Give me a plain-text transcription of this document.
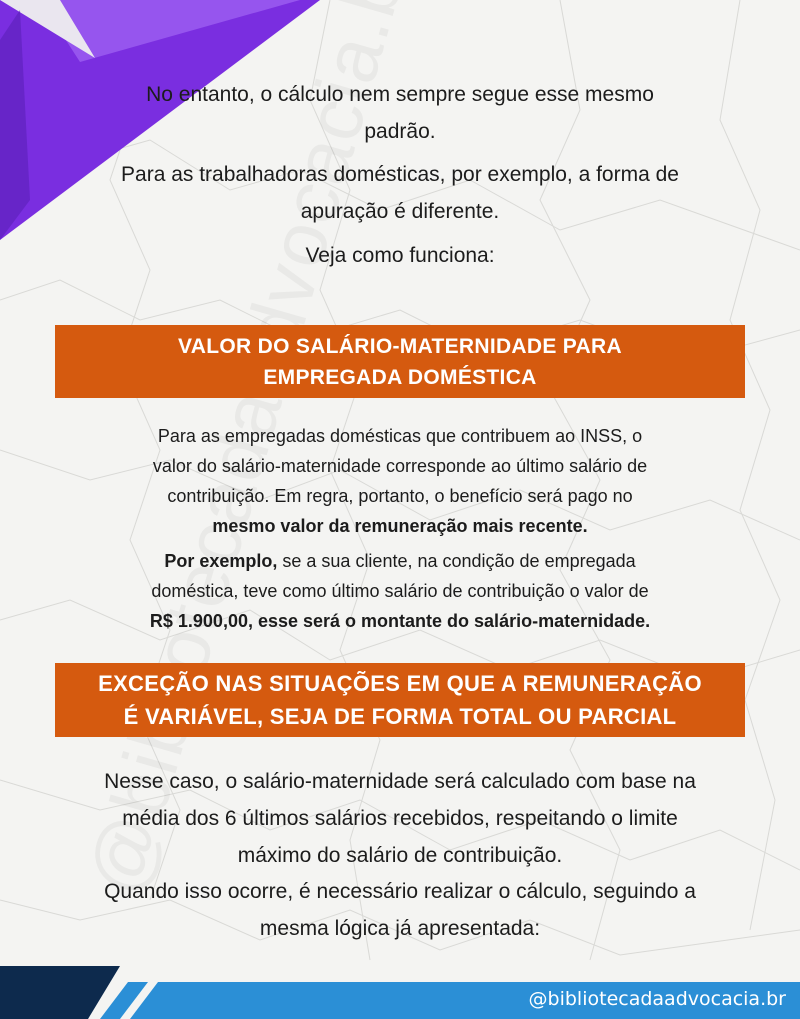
No entanto, o cálculo nem sempre segue esse mesmo
padrão.

Para as trabalhadoras domésticas, por exemplo, a forma de
apuração é diferente.

Veja como funciona:

VALOR DO SALÁRIO-MATERNIDADE PARA
EMPREGADA DOMÉSTICA

Para as empregadas domésticas que contribuem ao INSS, o
valor do salário-maternidade corresponde ao último salário de
contribuição. Em regra, portanto, o benefício será pago no
mesmo valor da remuneração mais recente.

Por exemplo, se a sua cliente, na condição de empregada
doméstica, teve como último salário de contribuição o valor de
R$ 1.900,00, esse será o montante do salário-maternidade.

EXCEÇÃO NAS SITUAÇÕES EM QUE A REMUNERAÇÃO
É VARIÁVEL, SEJA DE FORMA TOTAL OU PARCIAL

Nesse caso, o salário-maternidade será calculado com base na
média dos 6 últimos salários recebidos, respeitando o limite
máximo do salário de contribuição.

Quando isso ocorre, é necessário realizar o cálculo, seguindo a
mesma lógica já apresentada:

@bibliotecadaadvocacia.br
